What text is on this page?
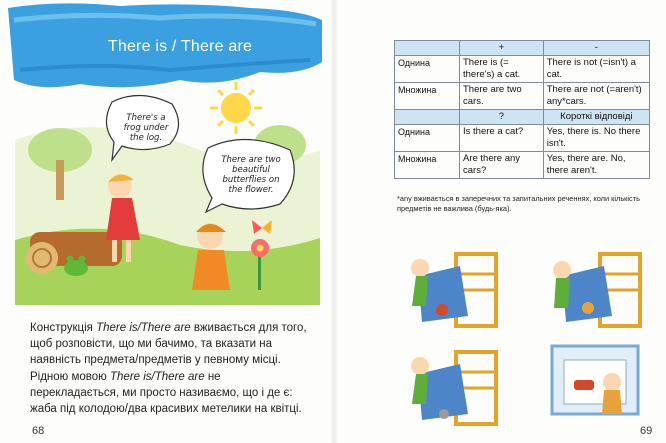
There is / There are
There's a frog under the log.
There are two beautiful butterflies on the flower.
Конструкція There is/There are вживається для того, щоб розповісти, що ми бачимо, та вказати на наявність предмета/предметів у певному місці. Рідною мовою There is/There are не перекладається, ми просто називаємо, що і де є: жаба під колодою/два красивих метелики на квітці.
68
	+	-
Однина	There is (= there's) a cat.	There is not (=isn't) a cat.
Множина	There are two cars.	There are not (=aren't) any*cars.
	?	Короткі відповіді
Однина	Is there a cat?	Yes, there is. No there isn't.
Множина	Are there any cars?	Yes, there are. No, there aren't.
*any вживається в заперечних та запитальних реченнях, коли кількість предметів не важлива (будь-яка).
69
